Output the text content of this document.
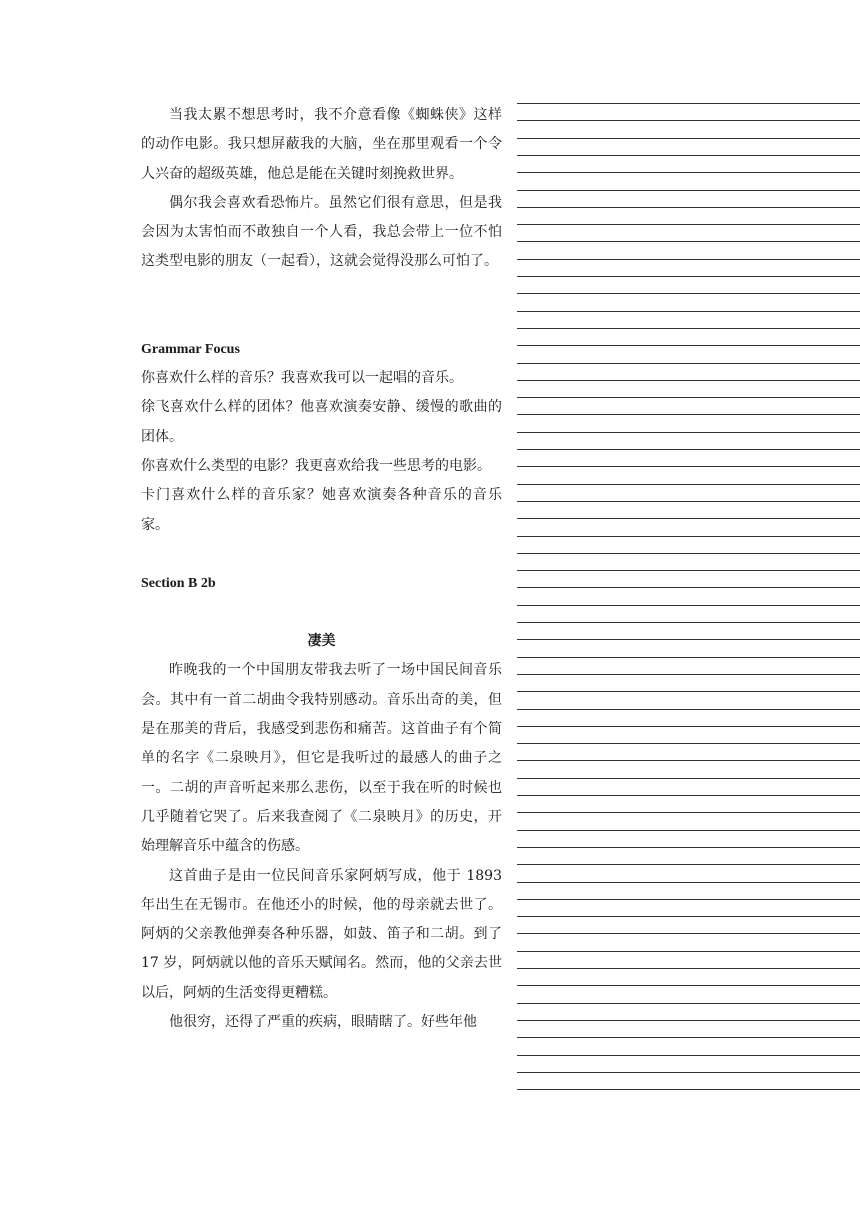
当我太累不想思考时，我不介意看像《蜘蛛侠》这样的动作电影。我只想屏蔽我的大脑，坐在那里观看一个令人兴奋的超级英雄，他总是能在关键时刻挽救世界。

偶尔我会喜欢看恐怖片。虽然它们很有意思，但是我会因为太害怕而不敢独自一个人看，我总会带上一位不怕这类型电影的朋友（一起看），这就会觉得没那么可怕了。

Grammar Focus

你喜欢什么样的音乐？我喜欢我可以一起唱的音乐。

徐飞喜欢什么样的团体？他喜欢演奏安静、缓慢的歌曲的团体。

你喜欢什么类型的电影？我更喜欢给我一些思考的电影。

卡门喜欢什么样的音乐家？她喜欢演奏各种音乐的音乐家。

Section B 2b

凄美

昨晚我的一个中国朋友带我去听了一场中国民间音乐会。其中有一首二胡曲令我特别感动。音乐出奇的美，但是在那美的背后，我感受到悲伤和痛苦。这首曲子有个简单的名字《二泉映月》，但它是我听过的最感人的曲子之一。二胡的声音听起来那么悲伤，以至于我在听的时候也几乎随着它哭了。后来我查阅了《二泉映月》的历史，开始理解音乐中蕴含的伤感。

这首曲子是由一位民间音乐家阿炳写成，他于 1893 年出生在无锡市。在他还小的时候，他的母亲就去世了。阿炳的父亲教他弹奏各种乐器，如鼓、笛子和二胡。到了 17 岁，阿炳就以他的音乐天赋闻名。然而，他的父亲去世以后，阿炳的生活变得更糟糕。

他很穷，还得了严重的疾病，眼睛瞎了。好些年他
